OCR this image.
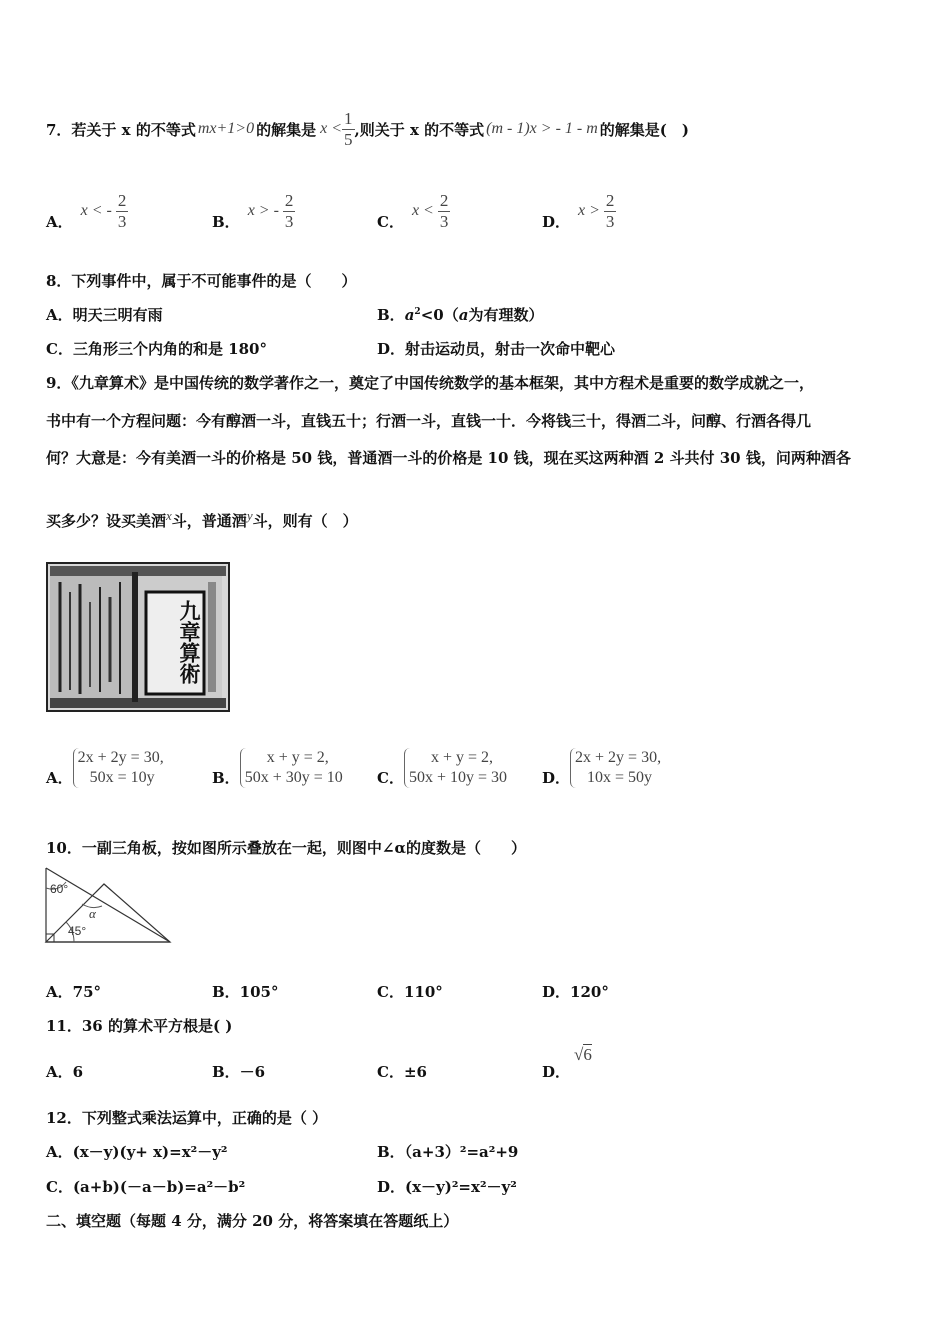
7．若关于 x 的不等式 mx+1>0 的解集是 $x < \frac{1}{5}$ ,则关于 x 的不等式 (m - 1)x > - 1 - m 的解集是(　)
A．
x < - $\frac{2}{3}$	B．
x > - $\frac{2}{3}$	C．
$x < \frac{2}{3}$	D．
$x > \frac{2}{3}$
8．下列事件中，属于不可能事件的是（　　）
A．明天三明有雨	B．$a^2<0(a$为有理数）
C．三角形三个内角的和是 180°	D．射击运动员，射击一次命中靶心
9．《九章算术》是中国传统的数学著作之一，奠定了中国传统数学的基本框架，其中方程术是重要的数学成就之一，
书中有一个方程问题：今有醇酒一斗，直钱五十；行酒一斗，直钱一十．今将钱三十，得酒二斗，问醇、行酒各得几
何？大意是：今有美酒一斗的价格是 50 钱，普通酒一斗的价格是 10 钱，现在买这两种酒 2 斗共付 30 钱，问两种酒各
买多少？设买美酒x斗，普通酒y斗，则有（　）
九章算術
A．
2x + 2y = 30,
50x = 10y	B．
x + y = 2,
50x + 30y = 10 C．
x + y = 2,
50x + 10y = 30 D．
2x + 2y = 30,
10x = 50y
10．一副三角板，按如图所示叠放在一起，则图中∠α的度数是（　　）
60°
α
45°
A．75°	B．105°	C．110°	D．120°
11．36 的算术平方根是( )
A．6	B．－6	C．±6	D．
√6
12．下列整式乘法运算中，正确的是（ ）
A．(x－y)(y+ x)=x²－y²	B．（a+3）²=a²+9
C．(a+b)(－a－b)=a²－b²	D．(x－y)²=x²－y²
二、填空题（每题 4 分，满分 20 分，将答案填在答题纸上）
